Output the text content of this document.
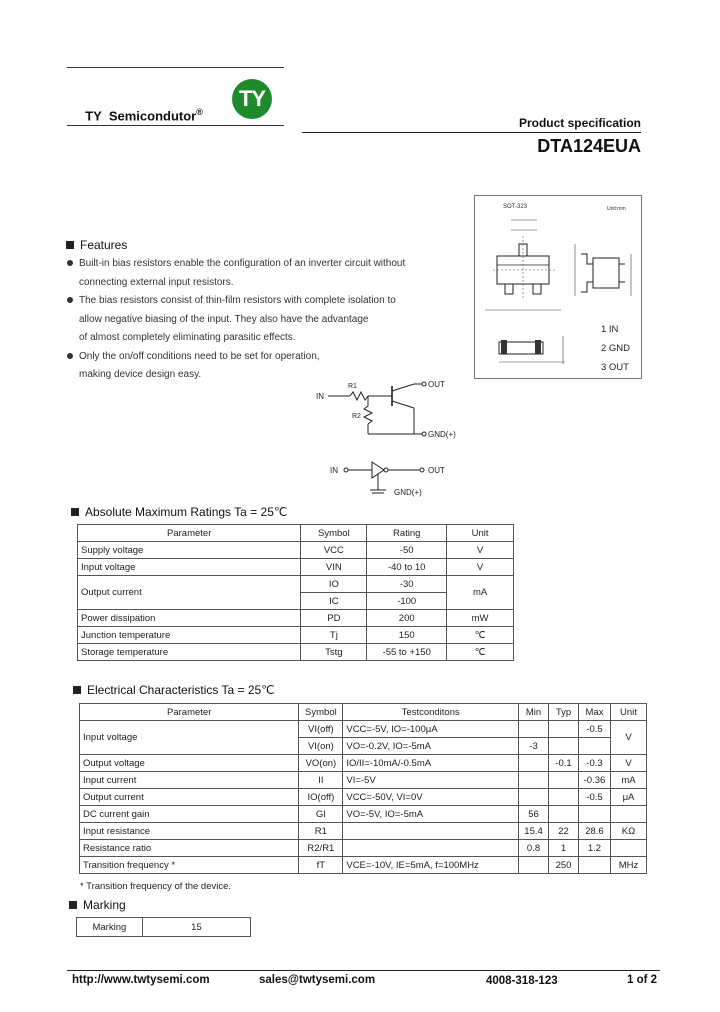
TY  Semicondutor®

TY
Product specification
DTA124EUA
SOT-323	Unit:mm
1 IN
2 GND
3 OUT
Features
Built-in bias resistors enable the configuration of an inverter circuit without
connecting external input resistors.
The bias resistors consist of thin-film resistors with complete isolation to
allow negative biasing of the input. They also have the advantage
of almost completely eliminating parasitic effects.
Only the on/off conditions need to be set for operation,
making device design easy.
IN
R1
R2
OUT
GND(+)
IN	OUT
GND(+)
Absolute Maximum Ratings Ta = 25℃
Parameter	Symbol	Rating	Unit
Supply voltage	VCC	-50	V
Input voltage	VIN	-40 to 10	V
Output current	IO	-30	mA
	IC	-100	
Power dissipation	PD	200	mW
Junction temperature	Tj	150	℃
Storage temperature	Tstg	-55 to +150	℃
Electrical Characteristics Ta = 25℃
Parameter	Symbol	Testconditons	Min	Typ	Max	Unit
Input voltage	VI(off)	VCC=-5V, IO=-100μA			-0.5	V
	VI(on)	VO=-0.2V, IO=-5mA	-3			
Output voltage	VO(on)	IO/II=-10mA/-0.5mA		-0.1	-0.3	V
Input current	II	VI=-5V			-0.36	mA
Output current	IO(off)	VCC=-50V, VI=0V			-0.5	μA
DC current gain	GI	VO=-5V, IO=-5mA	56			
Input resistance	R1		15.4	22	28.6	KΩ
Resistance ratio	R2/R1		0.8	1	1.2	
Transition frequency *	fT	VCE=-10V, IE=5mA, f=100MHz		250		MHz
* Transition frequency of the device.
Marking
Marking	15
http://www.twtysemi.com	sales@twtysemi.com	4008-318-123	1 of 2
